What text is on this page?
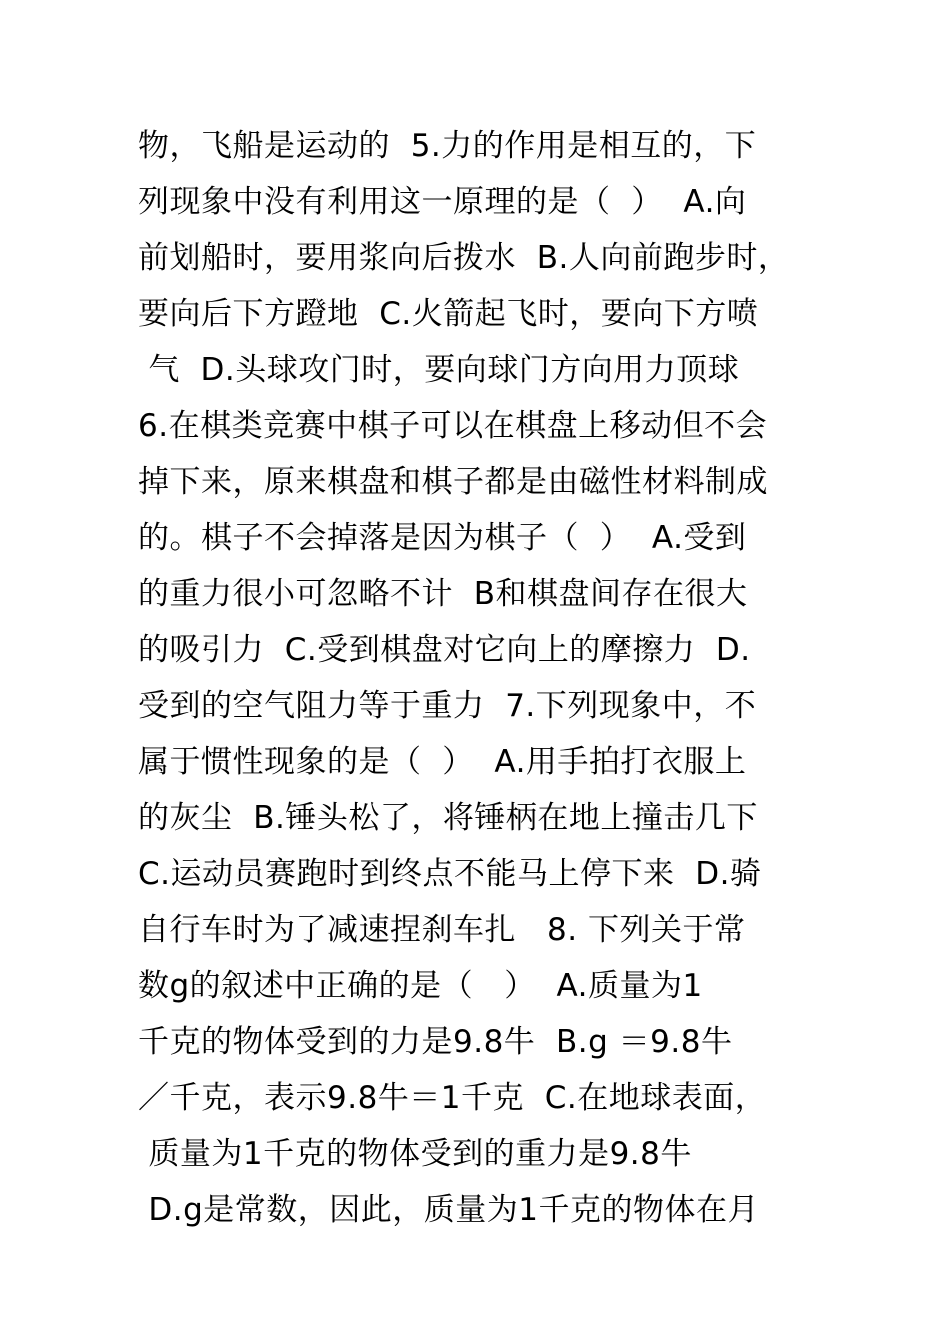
物，飞船是运动的  5.力的作用是相互的，下
列现象中没有利用这一原理的是（  ）  A.向
前划船时，要用浆向后拨水  B.人向前跑步时，
要向后下方蹬地  C.火箭起飞时，要向下方喷
气  D.头球攻门时，要向球门方向用力顶球
6.在棋类竞赛中棋子可以在棋盘上移动但不会
掉下来，原来棋盘和棋子都是由磁性材料制成
的。棋子不会掉落是因为棋子（  ）  A.受到
的重力很小可忽略不计  B和棋盘间存在很大
的吸引力  C.受到棋盘对它向上的摩擦力  D.
受到的空气阻力等于重力  7.下列现象中，不
属于惯性现象的是（  ）  A.用手拍打衣服上
的灰尘  B.锤头松了，将锤柄在地上撞击几下
C.运动员赛跑时到终点不能马上停下来  D.骑
自行车时为了减速捏刹车扎   8. 下列关于常
数g的叙述中正确的是（   ）  A.质量为1
千克的物体受到的力是9.8牛  B.g ＝9.8牛
／千克，表示9.8牛＝1千克  C.在地球表面，
质量为1千克的物体受到的重力是9.8牛
D.g是常数，因此，质量为1千克的物体在月
